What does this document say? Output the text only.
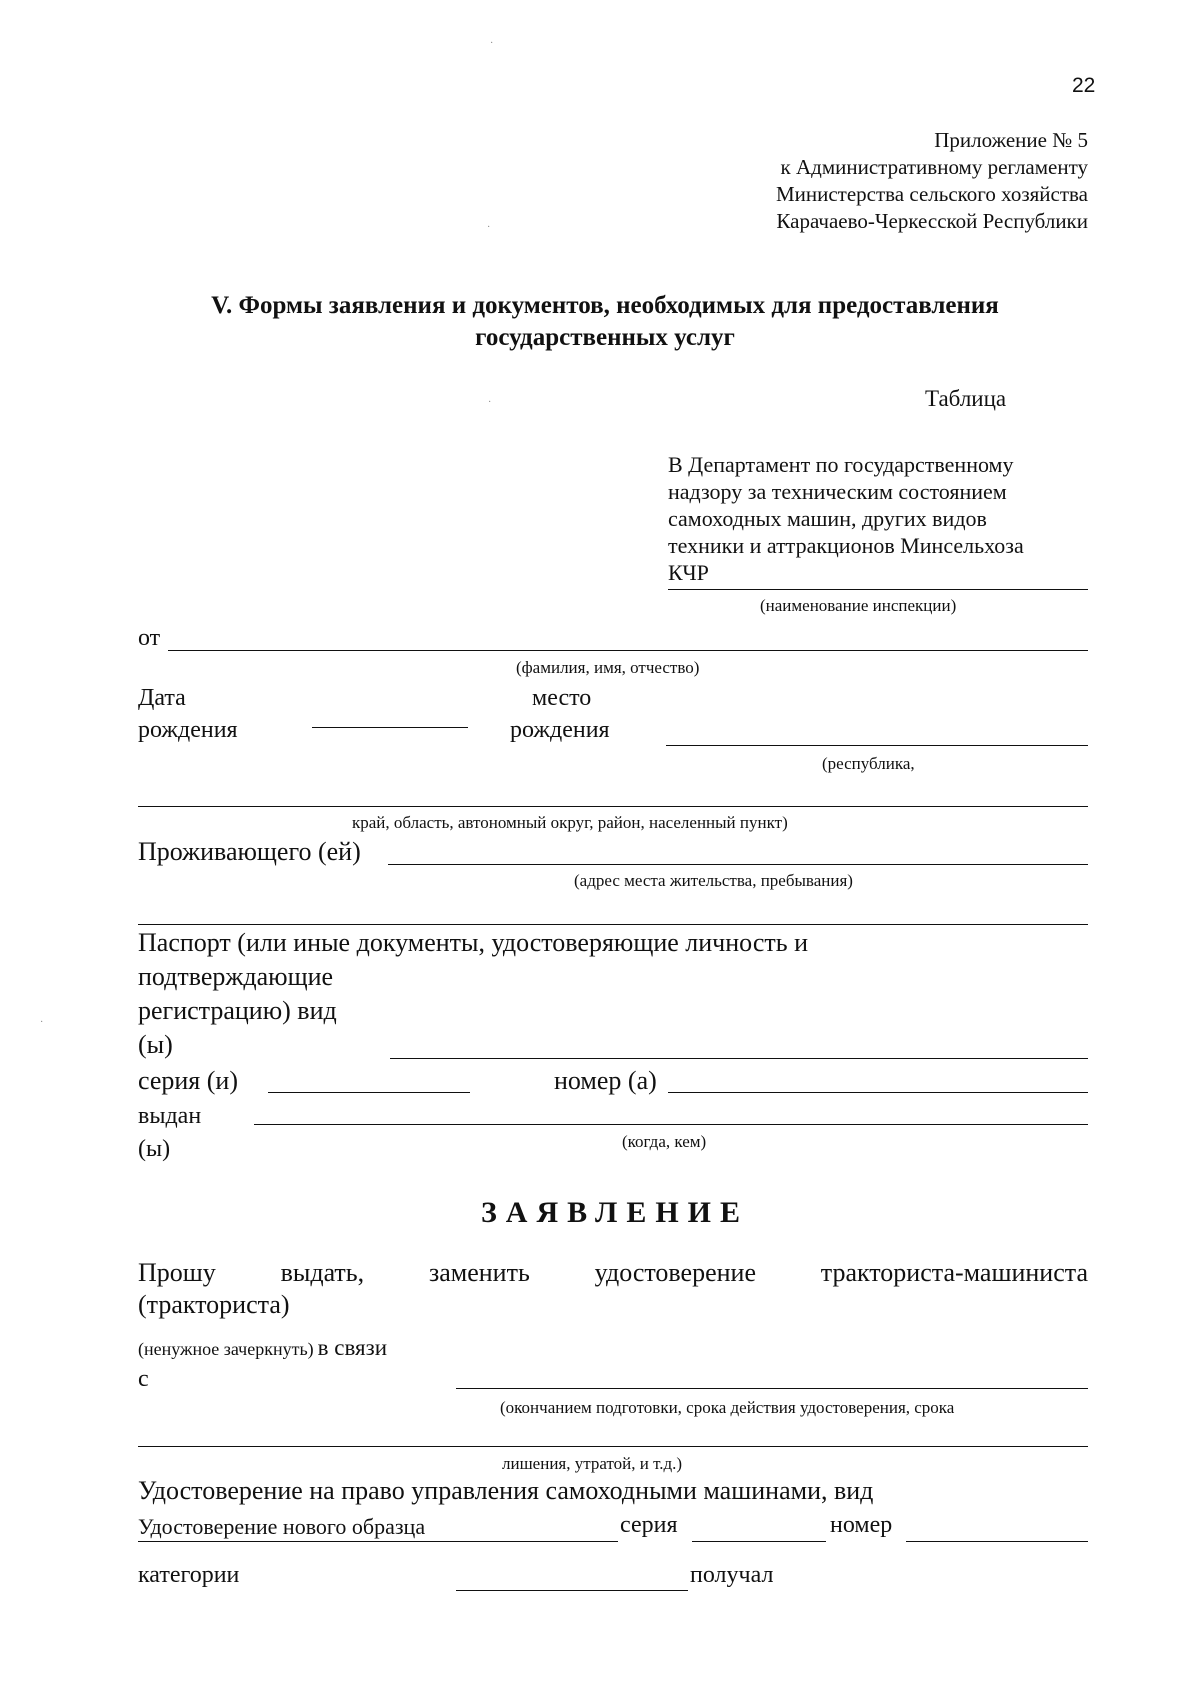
22
·
·
·
·
Приложение № 5
к Административному регламенту
Министерства сельского хозяйства
Карачаево-Черкесской Республики
V. Формы заявления и документов, необходимых для предоставления
государственных услуг
Таблица
В Департамент по государственному
надзору за техническим состоянием
самоходных машин, других видов
техники и аттракционов Минсельхоза
КЧР
(наименование инспекции)
от
(фамилия, имя, отчество)
Дата
рождения
место
рождения
(республика,
край, область, автономный округ, район, населенный пункт)
Проживающего (ей)
(адрес места жительства, пребывания)
Паспорт (или иные документы, удостоверяющие личность и
подтверждающие
регистрацию) вид
(ы)
серия (и)	номер (а)
выдан
(ы)	(когда, кем)
ЗАЯВЛЕНИЕ
Прошу выдать, заменить удостоверение тракториста-машиниста
(тракториста)
(ненужное зачеркнуть) в связи
с
(окончанием подготовки, срока действия удостоверения, срока
лишения, утратой, и т.д.)
Удостоверение на право управления самоходными машинами, вид
Удостоверение нового образца	серия	номер
категории	получал
